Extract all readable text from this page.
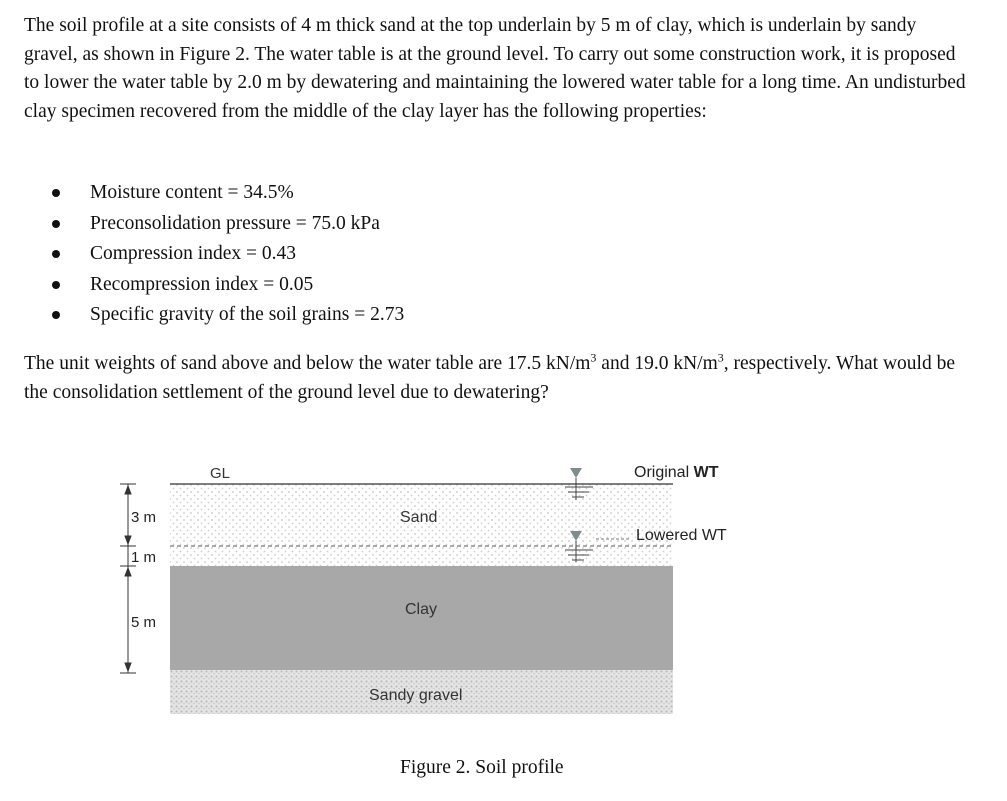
The soil profile at a site consists of 4 m thick sand at the top underlain by 5 m of clay, which is underlain by sandy gravel, as shown in Figure 2. The water table is at the ground level. To carry out some construction work, it is proposed to lower the water table by 2.0 m by dewatering and maintaining the lowered water table for a long time. An undisturbed clay specimen recovered from the middle of the clay layer has the following properties:

Moisture content = 34.5%
Preconsolidation pressure = 75.0 kPa
Compression index = 0.43
Recompression index = 0.05
Specific gravity of the soil grains = 2.73

The unit weights of sand above and below the water table are 17.5 $kN/m^3$ and 19.0 $kN/m^3$, respectively. What would be the consolidation settlement of the ground level due to dewatering?

Sand
Clay
Sandy gravel
GL	Original WT
Lowered WT
3 m
1 m
5 m
Figure 2. Soil profile
